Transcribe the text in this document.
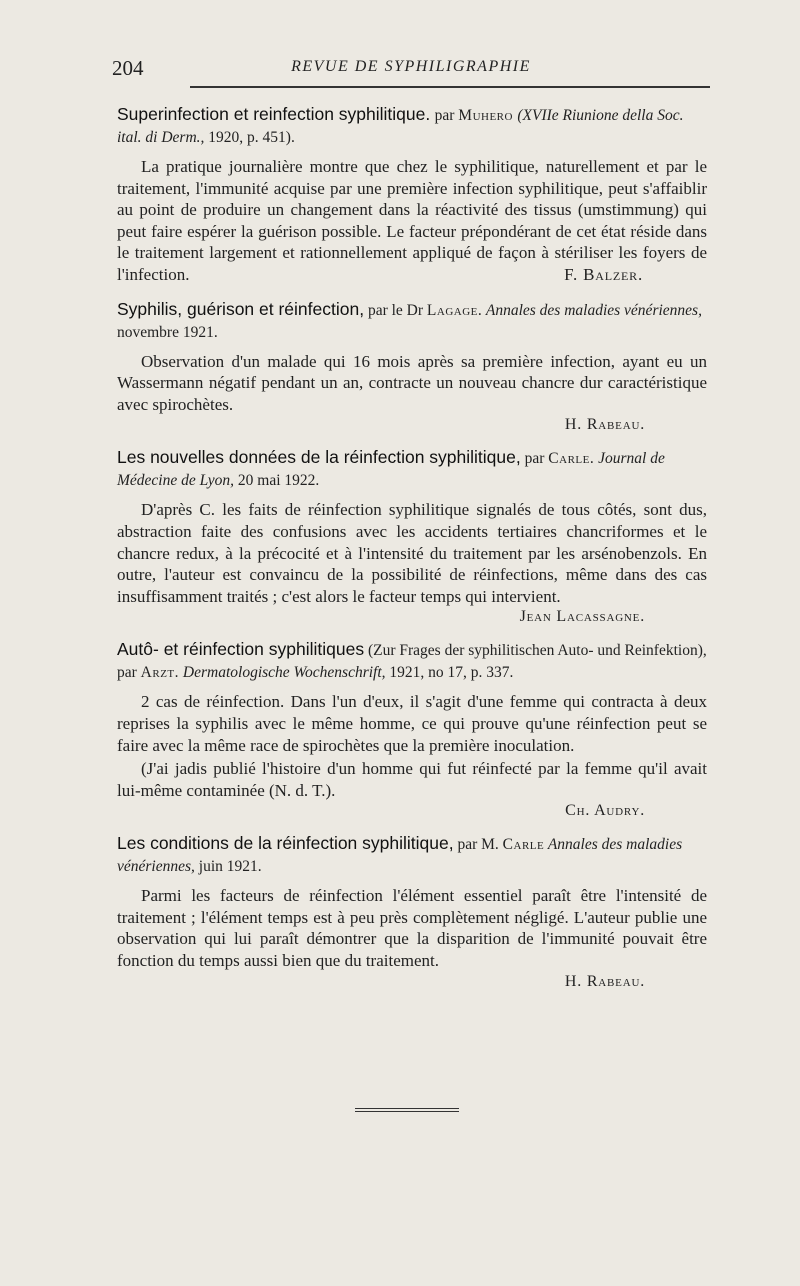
204	REVUE DE SYPHILIGRAPHIE
Superinfection et reinfection syphilitique. par Muhero (XVIIe Riunione della Soc. ital. di Derm., 1920, p. 451).

La pratique journalière montre que chez le syphilitique, naturellement et par le traitement, l'immunité acquise par une première infection syphilitique, peut s'affaiblir au point de produire un changement dans la réactivité des tissus (umstimmung) qui peut faire espérer la guérison possible. Le facteur prépondérant de cet état réside dans le traitement largement et rationnellement appliqué de façon à stériliser les foyers de l'infection.	F. Balzer.

Syphilis, guérison et réinfection, par le Dr Lagage. Annales des maladies vénériennes, novembre 1921.

Observation d'un malade qui 16 mois après sa première infection, ayant eu un Wassermann négatif pendant un an, contracte un nouveau chancre dur caractéristique avec spirochètes.

H. Rabeau.
Les nouvelles données de la réinfection syphilitique, par Carle. Journal de Médecine de Lyon, 20 mai 1922.

D'après C. les faits de réinfection syphilitique signalés de tous côtés, sont dus, abstraction faite des confusions avec les accidents tertiaires chancriformes et le chancre redux, à la précocité et à l'intensité du traitement par les arsénobenzols. En outre, l'auteur est convaincu de la possibilité de réinfections, même dans des cas insuffisamment traités ; c'est alors le facteur temps qui intervient.

Jean Lacassagne.
Autô- et réinfection syphilitiques (Zur Frages der syphilitischen Auto- und Reinfektion), par Arzt. Dermatologische Wochenschrift, 1921, no 17, p. 337.

2 cas de réinfection. Dans l'un d'eux, il s'agit d'une femme qui contracta à deux reprises la syphilis avec le même homme, ce qui prouve qu'une réinfection peut se faire avec la même race de spirochètes que la première inoculation.

(J'ai jadis publié l'histoire d'un homme qui fut réinfecté par la femme qu'il avait lui-même contaminée (N. d. T.).

Ch. Audry.
Les conditions de la réinfection syphilitique, par M. Carle Annales des maladies vénériennes, juin 1921.

Parmi les facteurs de réinfection l'élément essentiel paraît être l'intensité de traitement ; l'élément temps est à peu près complètement négligé. L'auteur publie une observation qui lui paraît démontrer que la disparition de l'immunité pouvait être fonction du temps aussi bien que du traitement.

H. Rabeau.
